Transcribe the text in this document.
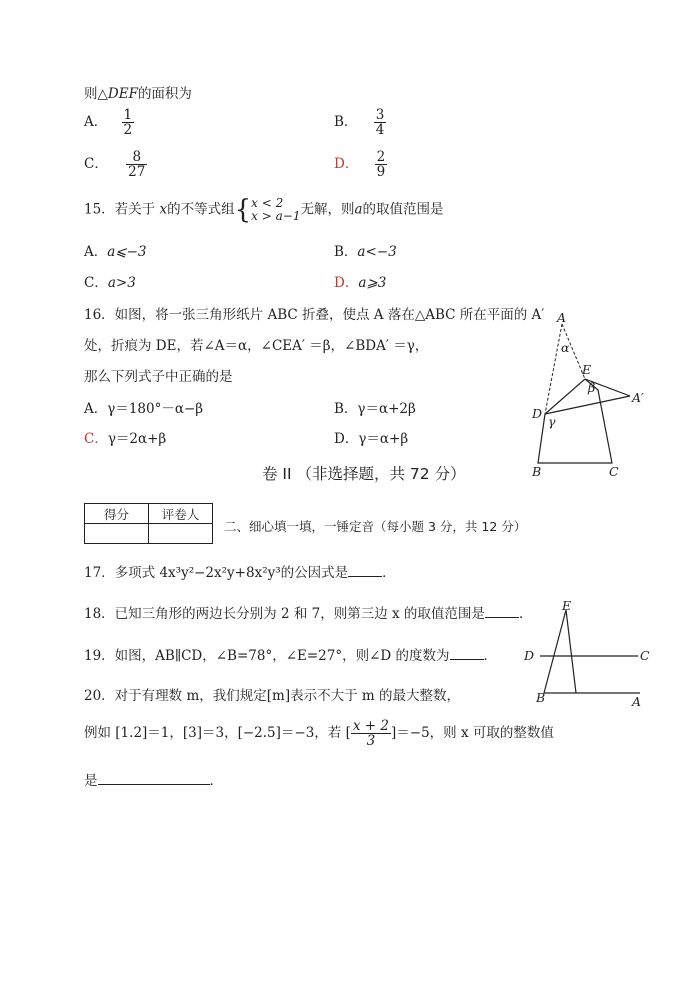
则△DEF的面积为
A． $\frac{1}{2}$	B． $\frac{3}{4}$
C． $\frac{8}{27}$	D． $\frac{2}{9}$
15．若关于 x的不等式组{ x < 2
x > a−1 无解，则a的取值范围是
A．a⩽−3	B．a<−3
C．a>3	D．a⩾3
16．如图，将一张三角形纸片 ABC 折叠，使点 A 落在△ABC 所在平面的 A′
处，折痕为 DE，若∠A＝α，∠CEA′ ＝β，∠BDA′ ＝γ，
那么下列式子中正确的是
A．γ＝180°－α−β	B．γ＝α+2β
C．γ＝2α+β	D．γ＝α+β
A
α
E
β
A′
D
γ
B	C
卷 II （非选择题，共 72 分）
得分	评卷人

二、细心填一填，一锤定音（每小题 3 分，共 12 分）
17．多项式 4x³y²−2x²y+8x²y³的公因式是	．
18．已知三角形的两边长分别为 2 和 7，则第三边 x 的取值范围是	．
19．如图，AB∥CD，∠B=78°，∠E=27°，则∠D 的度数为	．
E
D	C
B	A
20．对于有理数 m，我们规定[m]表示不大于 m 的最大整数，
例如 [1.2]＝1，[3]＝3，[−2.5]＝−3，若 [ $\frac{x + 2}{3} ]=-5$，则 x 可取的整数值
是	．
